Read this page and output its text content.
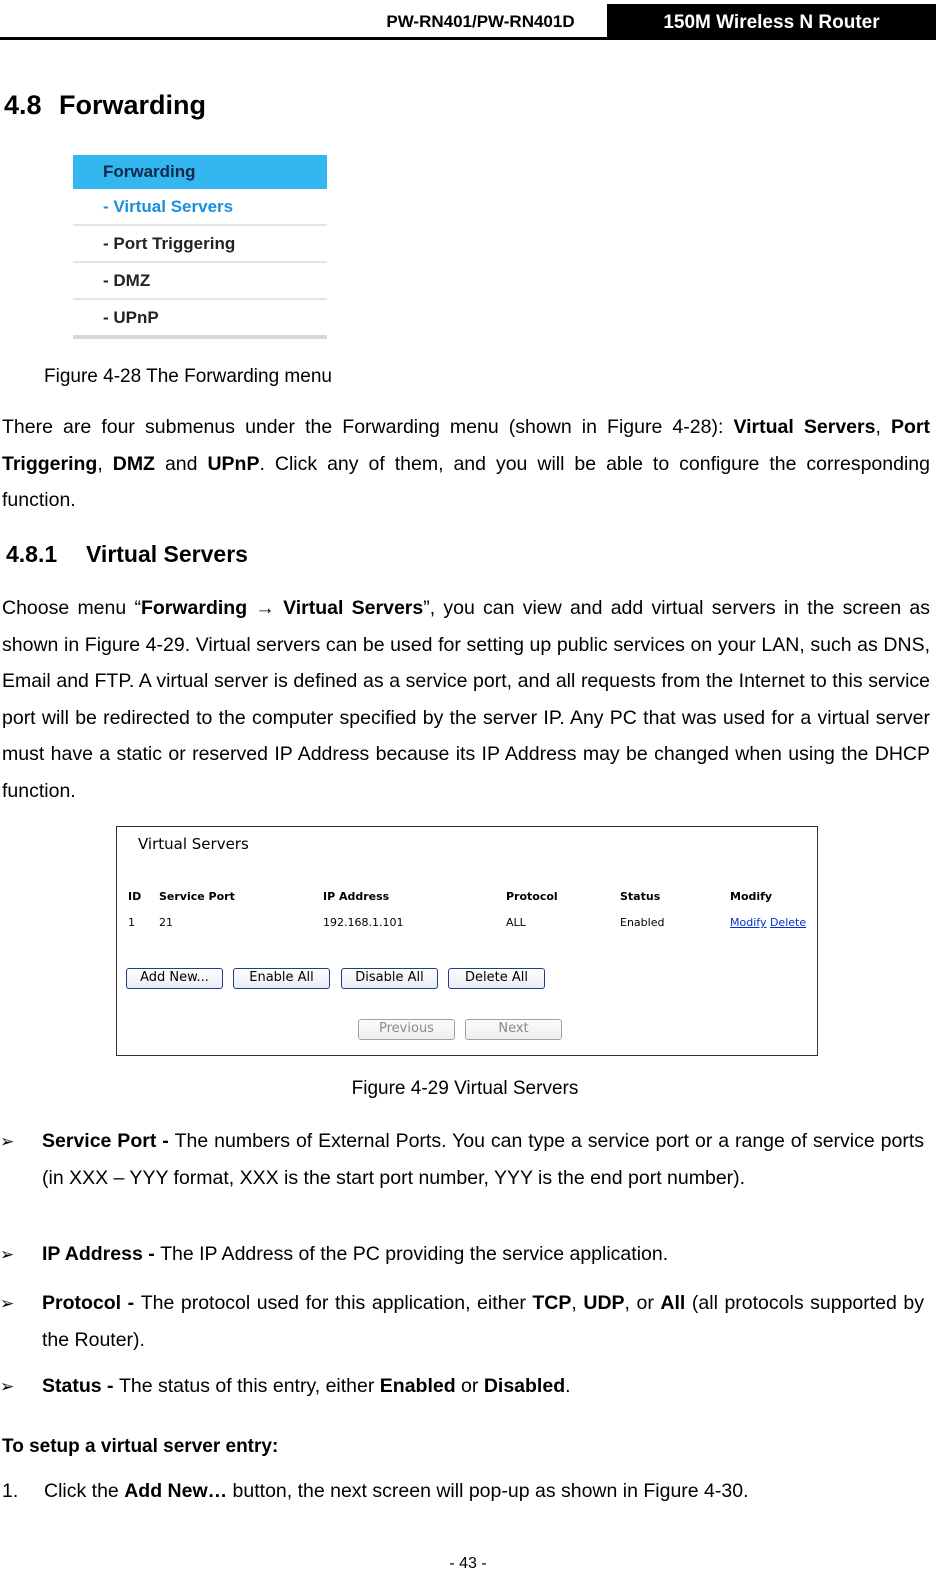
PW-RN401/PW-RN401D	150M Wireless N Router
4.8 Forwarding
Forwarding
- Virtual Servers
- Port Triggering
- DMZ
- UPnP
Figure 4-28 The Forwarding menu
There are four submenus under the Forwarding menu (shown in Figure 4-28): Virtual Servers, Port Triggering, DMZ and UPnP. Click any of them, and you will be able to configure the corresponding function.
4.8.1 Virtual Servers
Choose menu “Forwarding → Virtual Servers”, you can view and add virtual servers in the screen as shown in Figure 4-29. Virtual servers can be used for setting up public services on your LAN, such as DNS, Email and FTP. A virtual server is defined as a service port, and all requests from the Internet to this service port will be redirected to the computer specified by the server IP. Any PC that was used for a virtual server must have a static or reserved IP Address because its IP Address may be changed when using the DHCP function.
Virtual Servers
ID Service Port	IP Address	Protocol	Status	Modify
1 21	192.168.1.101	ALL	Enabled	Modify Delete
Add New...	Enable All	Disable All	Delete All
Previous	Next
Figure 4-29 Virtual Servers
➢ Service Port - The numbers of External Ports. You can type a service port or a range of service ports (in XXX – YYY format, XXX is the start port number, YYY is the end port number).
➢ IP Address - The IP Address of the PC providing the service application.
➢ Protocol - The protocol used for this application, either TCP, UDP, or All (all protocols supported by the Router).
➢ Status - The status of this entry, either Enabled or Disabled.
To setup a virtual server entry:
1. Click the Add New… button, the next screen will pop-up as shown in Figure 4-30.
- 43 -
